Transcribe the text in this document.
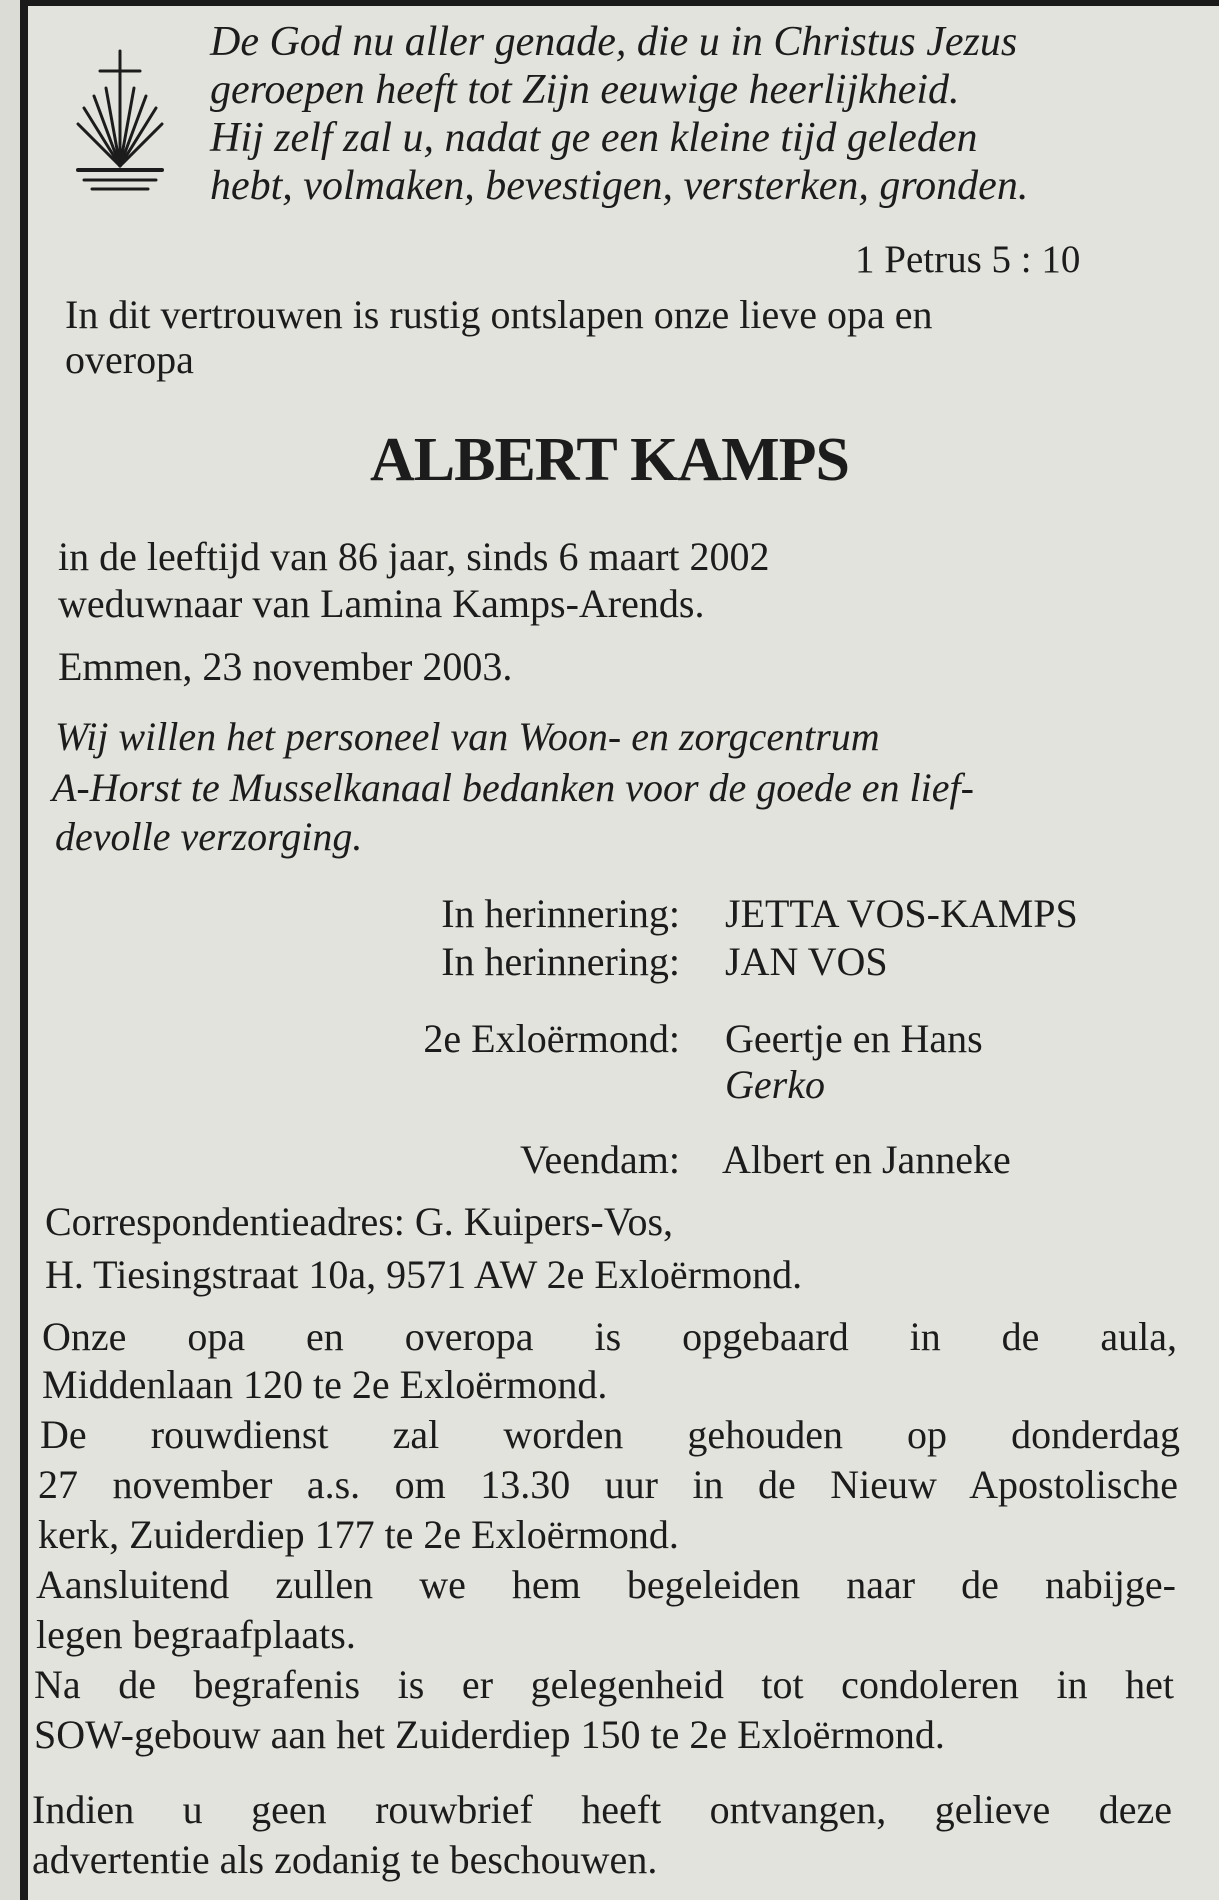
De God nu aller genade, die u in Christus Jezus
geroepen heeft tot Zijn eeuwige heerlijkheid.
Hij zelf zal u, nadat ge een kleine tijd geleden
hebt, volmaken, bevestigen, versterken, gronden.
1 Petrus 5 : 10
In dit vertrouwen is rustig ontslapen onze lieve opa en
overopa
ALBERT KAMPS
in de leeftijd van 86 jaar, sinds 6 maart 2002
weduwnaar van Lamina Kamps-Arends.
Emmen, 23 november 2003.
Wij willen het personeel van Woon- en zorgcentrum
A-Horst te Musselkanaal bedanken voor de goede en lief-
devolle verzorging.
In herinnering: JETTA VOS-KAMPS
In herinnering: JAN VOS
2e Exloërmond: Geertje en Hans
Gerko
Veendam: Albert en Janneke
Correspondentieadres: G. Kuipers-Vos,
H. Tiesingstraat 10a, 9571 AW 2e Exloërmond.
Onze opa en overopa is opgebaard in de aula,
Middenlaan 120 te 2e Exloërmond.
De rouwdienst zal worden gehouden op donderdag
27 november a.s. om 13.30 uur in de Nieuw Apostolische
kerk, Zuiderdiep 177 te 2e Exloërmond.
Aansluitend zullen we hem begeleiden naar de nabijge-
legen begraafplaats.
Na de begrafenis is er gelegenheid tot condoleren in het
SOW-gebouw aan het Zuiderdiep 150 te 2e Exloërmond.
Indien u geen rouwbrief heeft ontvangen, gelieve deze
advertentie als zodanig te beschouwen.
